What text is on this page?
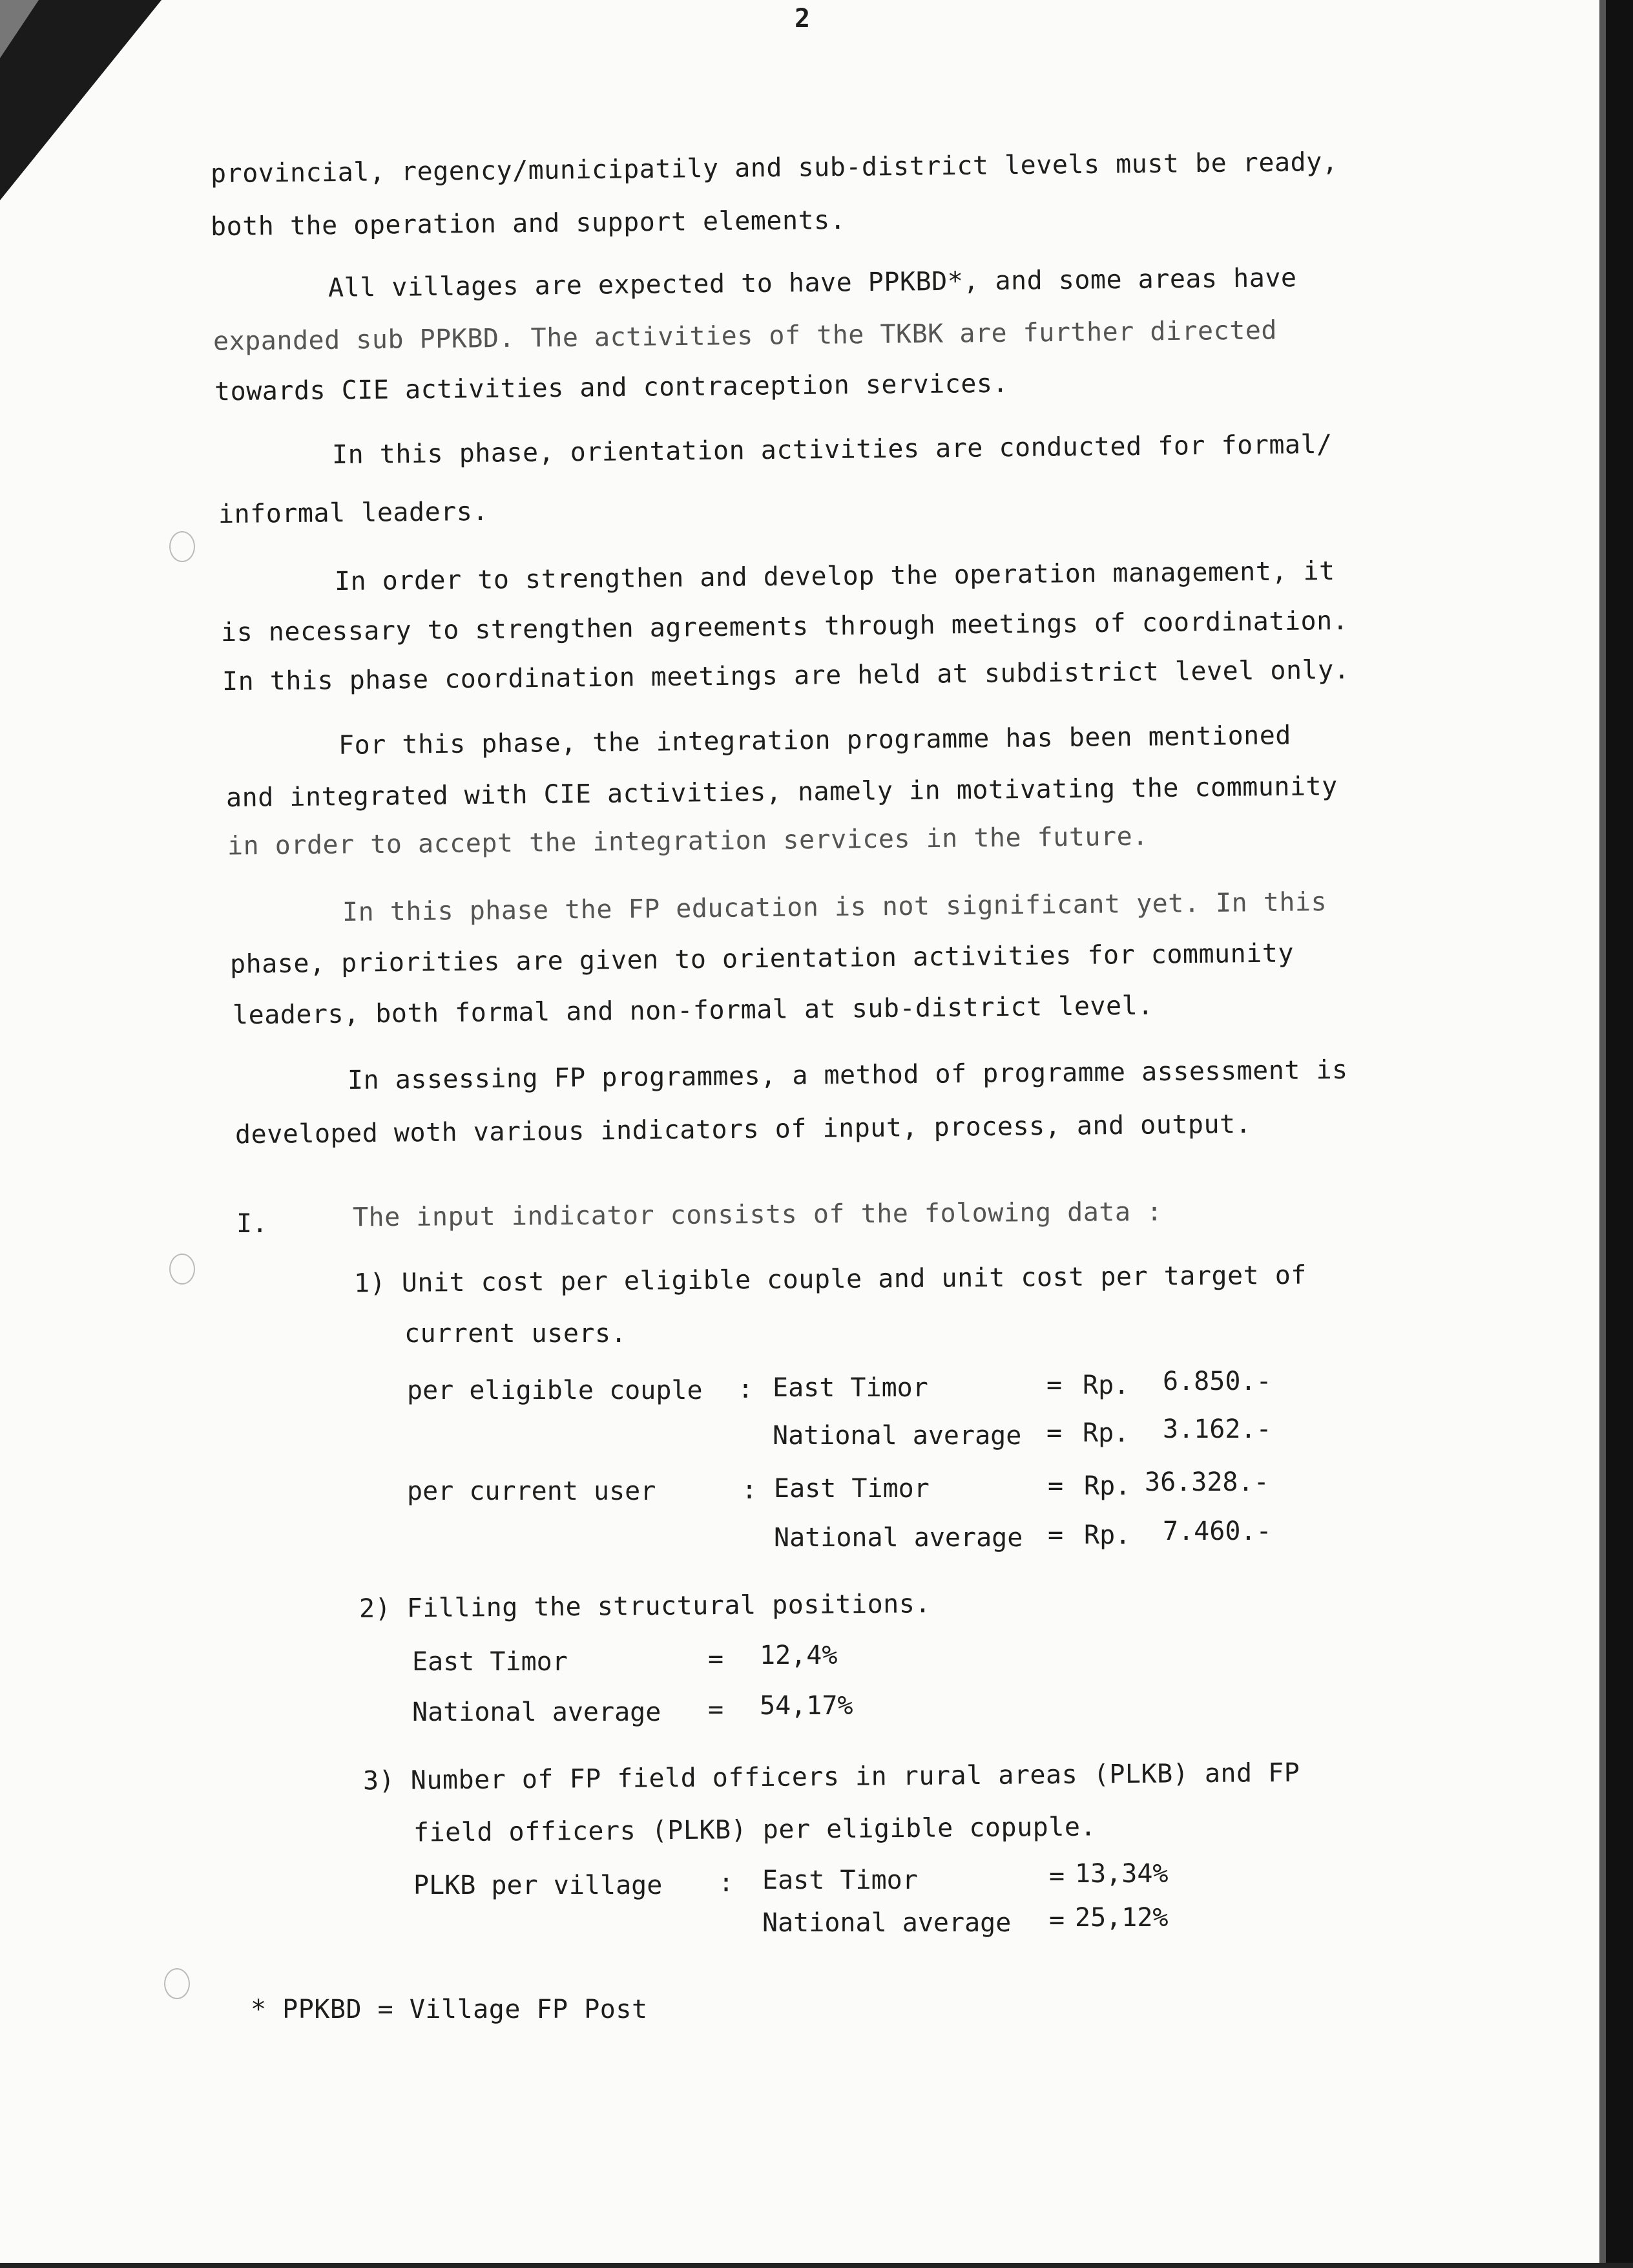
2
provincial, regency/municipatily and sub-district levels must be ready,
both the operation and support elements.
All villages are expected to have PPKBD*, and some areas have
expanded sub PPKBD. The activities of the TKBK are further directed
towards CIE activities and contraception services.
In this phase, orientation activities are conducted for formal/
informal leaders.
In order to strengthen and develop the operation management, it
is necessary to strengthen agreements through meetings of coordination.
In this phase coordination meetings are held at subdistrict level only.
For this phase, the integration programme has been mentioned
and integrated with CIE activities, namely in motivating the community
in order to accept the integration services in the future.
In this phase the FP education is not significant yet. In this
phase, priorities are given to orientation activities for community
leaders, both formal and non-formal at sub-district level.
In assessing FP programmes, a method of programme assessment is
developed woth various indicators of input, process, and output.
I.	The input indicator consists of the folowing data :
1) Unit cost per eligible couple and unit cost per target of
current users.
per eligible couple : East Timor	= Rp. 6.850.-
National average = Rp. 3.162.-
per current user	: East Timor	= Rp. 36.328.-
National average = Rp. 7.460.-
2) Filling the structural positions.
East Timor	= 12,4%
National average = 54,17%
3) Number of FP field officers in rural areas (PLKB) and FP
field officers (PLKB) per eligible copuple.
PLKB per village : East Timor	= 13,34%
National average = 25,12%
* PPKBD = Village FP Post
